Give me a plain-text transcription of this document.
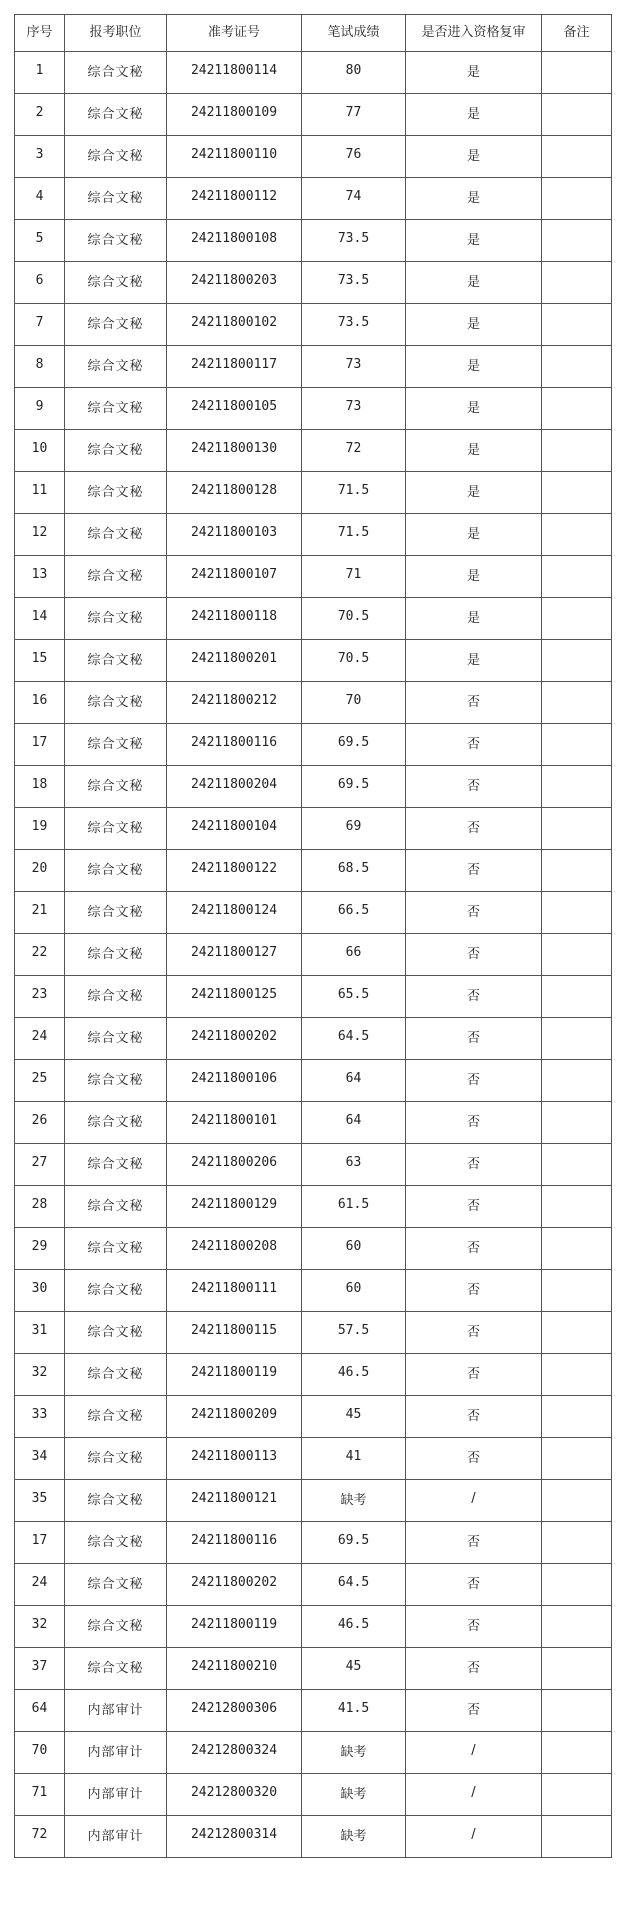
序号	报考职位	准考证号	笔试成绩	是否进入资格复审	备注
1	综合文秘	24211800114	80	是	
2	综合文秘	24211800109	77	是	
3	综合文秘	24211800110	76	是	
4	综合文秘	24211800112	74	是	
5	综合文秘	24211800108	73.5	是	
6	综合文秘	24211800203	73.5	是	
7	综合文秘	24211800102	73.5	是	
8	综合文秘	24211800117	73	是	
9	综合文秘	24211800105	73	是	
10	综合文秘	24211800130	72	是	
11	综合文秘	24211800128	71.5	是	
12	综合文秘	24211800103	71.5	是	
13	综合文秘	24211800107	71	是	
14	综合文秘	24211800118	70.5	是	
15	综合文秘	24211800201	70.5	是	
16	综合文秘	24211800212	70	否	
17	综合文秘	24211800116	69.5	否	
18	综合文秘	24211800204	69.5	否	
19	综合文秘	24211800104	69	否	
20	综合文秘	24211800122	68.5	否	
21	综合文秘	24211800124	66.5	否	
22	综合文秘	24211800127	66	否	
23	综合文秘	24211800125	65.5	否	
24	综合文秘	24211800202	64.5	否	
25	综合文秘	24211800106	64	否	
26	综合文秘	24211800101	64	否	
27	综合文秘	24211800206	63	否	
28	综合文秘	24211800129	61.5	否	
29	综合文秘	24211800208	60	否	
30	综合文秘	24211800111	60	否	
31	综合文秘	24211800115	57.5	否	
32	综合文秘	24211800119	46.5	否	
33	综合文秘	24211800209	45	否	
34	综合文秘	24211800113	41	否	
35	综合文秘	24211800121	缺考	/	
17	综合文秘	24211800116	69.5	否	
24	综合文秘	24211800202	64.5	否	
32	综合文秘	24211800119	46.5	否	
37	综合文秘	24211800210	45	否	
64	内部审计	24212800306	41.5	否	
70	内部审计	24212800324	缺考	/	
71	内部审计	24212800320	缺考	/	
72	内部审计	24212800314	缺考	/	
